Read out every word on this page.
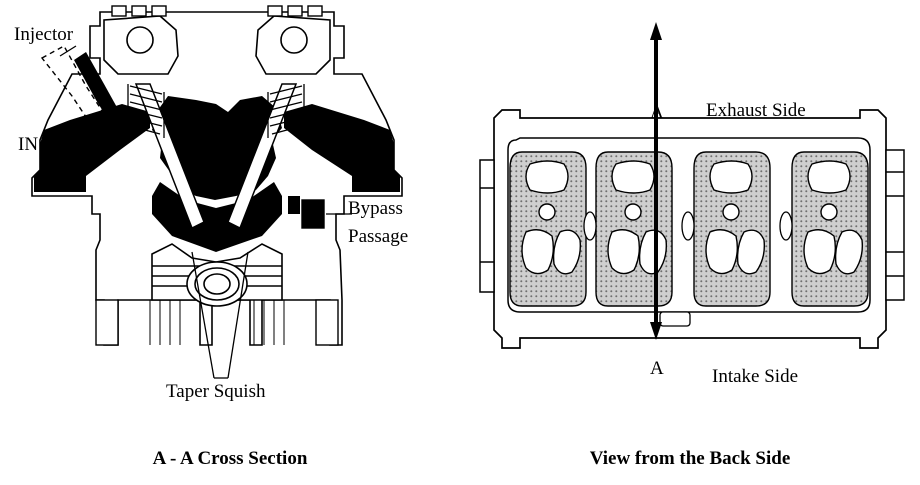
Injector
IN
EX
Bypass
Passage
Taper Squish
A - A Cross Section
A
A
Exhaust Side
Intake Side
View from the Back Side
